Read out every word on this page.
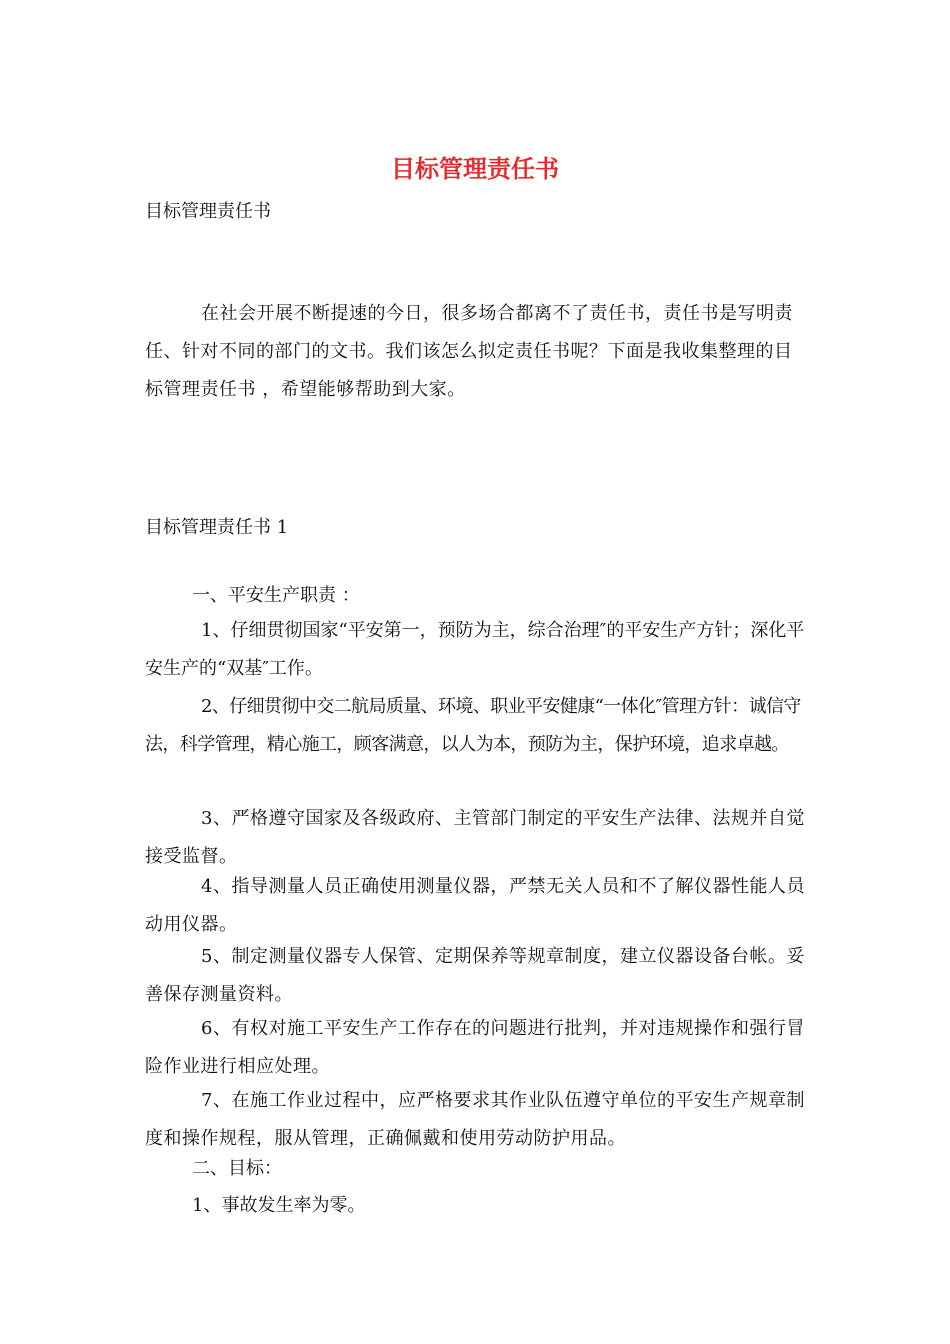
目标管理责任书

目标管理责任书

在社会开展不断提速的今日，很多场合都离不了责任书，责任书是写明责任、针对不同的部门的文书。我们该怎么拟定责任书呢？下面是我收集整理的目标管理责任书 ，希望能够帮助到大家。

目标管理责任书 1

一、平安生产职责 ：

1、仔细贯彻国家“平安第一，预防为主，综合治理″的平安生产方针；深化平安生产的“双基″工作。

2、仔细贯彻中交二航局质量、环境、职业平安健康“一体化″管理方针：诚信守法，科学管理，精心施工，顾客满意，以人为本，预防为主，保护环境，追求卓越。

3、严格遵守国家及各级政府、主管部门制定的平安生产法律、法规并自觉接受监督。

4、指导测量人员正确使用测量仪器，严禁无关人员和不了解仪器性能人员动用仪器。

5、制定测量仪器专人保管、定期保养等规章制度，建立仪器设备台帐。妥善保存测量资料。

6、有权对施工平安生产工作存在的问题进行批判，并对违规操作和强行冒险作业进行相应处理。

7、在施工作业过程中，应严格要求其作业队伍遵守单位的平安生产规章制度和操作规程，服从管理，正确佩戴和使用劳动防护用品。

二、目标：

1、事故发生率为零。
